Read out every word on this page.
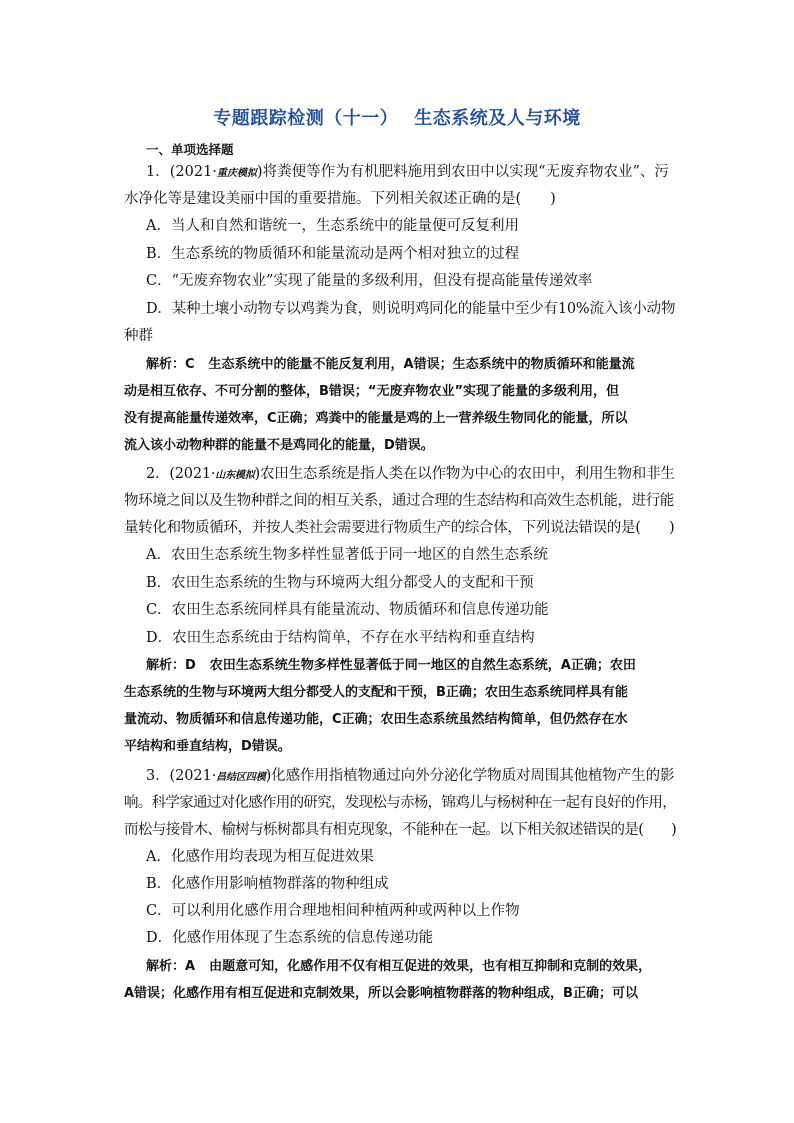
专题跟踪检测（十一） 生态系统及人与环境
一、单项选择题
1．(2021·重庆模拟)将粪便等作为有机肥料施用到农田中以实现“无废弃物农业”、污
水净化等是建设美丽中国的重要措施。下列相关叙述正确的是(　　)
A．当人和自然和谐统一，生态系统中的能量便可反复利用
B．生态系统的物质循环和能量流动是两个相对独立的过程
C．“无废弃物农业”实现了能量的多级利用，但没有提高能量传递效率
D．某种土壤小动物专以鸡粪为食，则说明鸡同化的能量中至少有10%流入该小动物
种群
解析：C 生态系统中的能量不能反复利用，A错误；生态系统中的物质循环和能量流
动是相互依存、不可分割的整体，B错误；“无废弃物农业”实现了能量的多级利用，但
没有提高能量传递效率，C正确；鸡粪中的能量是鸡的上一营养级生物同化的能量，所以
流入该小动物种群的能量不是鸡同化的能量，D错误。
2．(2021·山东模拟)农田生态系统是指人类在以作物为中心的农田中，利用生物和非生
物环境之间以及生物种群之间的相互关系，通过合理的生态结构和高效生态机能，进行能
量转化和物质循环，并按人类社会需要进行物质生产的综合体，下列说法错误的是(　　)
A．农田生态系统生物多样性显著低于同一地区的自然生态系统
B．农田生态系统的生物与环境两大组分都受人的支配和干预
C．农田生态系统同样具有能量流动、物质循环和信息传递功能
D．农田生态系统由于结构简单，不存在水平结构和垂直结构
解析：D 农田生态系统生物多样性显著低于同一地区的自然生态系统，A正确；农田
生态系统的生物与环境两大组分都受人的支配和干预，B正确；农田生态系统同样具有能
量流动、物质循环和信息传递功能，C正确；农田生态系统虽然结构简单，但仍然存在水
平结构和垂直结构，D错误。
3．(2021·昌结区四模)化感作用指植物通过向外分泌化学物质对周围其他植物产生的影
响。科学家通过对化感作用的研究，发现松与赤杨，锦鸡儿与杨树种在一起有良好的作用，
而松与接骨木、榆树与栎树都具有相克现象，不能种在一起。以下相关叙述错误的是(　　)
A．化感作用均表现为相互促进效果
B．化感作用影响植物群落的物种组成
C．可以利用化感作用合理地相间种植两种或两种以上作物
D．化感作用体现了生态系统的信息传递功能
解析：A 由题意可知，化感作用不仅有相互促进的效果，也有相互抑制和克制的效果，
A错误；化感作用有相互促进和克制效果，所以会影响植物群落的物种组成，B正确；可以
